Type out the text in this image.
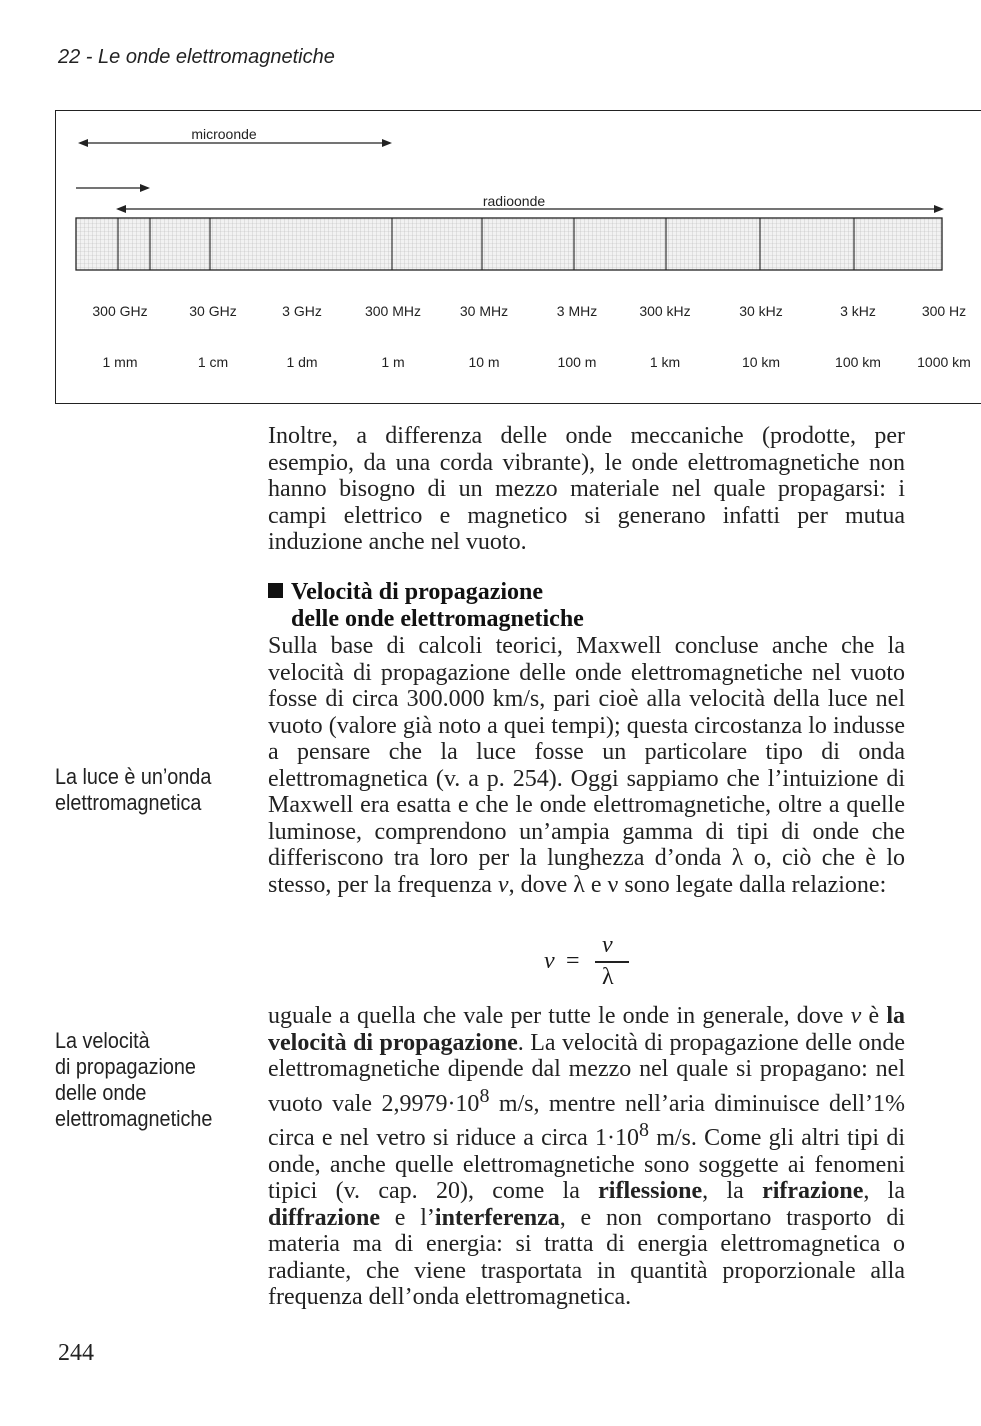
22 - Le onde elettromagnetiche
microonde
radioonde
300 GHz	30 GHz	3 GHz	300 MHz	30 MHz	3 MHz	300 kHz	30 kHz	3 kHz	300 Hz
1 mm	1 cm	1 dm	1 m	10 m	100 m	1 km	10 km	100 km	1000 km

Inoltre, a differenza delle onde meccaniche (prodotte, per esempio, da una corda vibrante), le onde elettromagnetiche non hanno bisogno di un mezzo materiale nel quale propagarsi: i campi elettrico e magnetico si generano infatti per mutua induzione anche nel vuoto.

Velocità di propagazione
delle onde elettromagnetiche

Sulla base di calcoli teorici, Maxwell concluse anche che la velocità di propagazione delle onde elettromagnetiche nel vuoto fosse di circa 300.000 km/s, pari cioè alla velocità della luce nel vuoto (valore già noto a quei tempi); questa circostanza lo indusse a pensare che la luce fosse un particolare tipo di onda elettromagnetica (v. a p. 254). Oggi sappiamo che l’intuizione di Maxwell era esatta e che le onde elettromagnetiche, oltre a quelle luminose, comprendono un’ampia gamma di tipi di onde che differiscono tra loro per la lunghezza d’onda λ o, ciò che è lo stesso, per la frequenza ν, dove λ e ν sono legate dalla relazione:

ν =
v
λ

uguale a quella che vale per tutte le onde in generale, dove v è la velocità di propagazione. La velocità di propagazione delle onde elettromagnetiche dipende dal mezzo nel quale si propagano: nel vuoto vale $2,9979\cdot 10^8$ m/s, mentre nell’aria diminuisce dell’1% circa e nel vetro si riduce a circa $1\cdot 10^8$ m/s. Come gli altri tipi di onde, anche quelle elettromagnetiche sono soggette ai fenomeni tipici (v. cap. 20), come la riflessione, la rifrazione, la diffrazione e l’interferenza, e non comportano trasporto di materia ma di energia: si tratta di energia elettromagnetica o radiante, che viene trasportata in quantità proporzionale alla frequenza dell’onda elettromagnetica.

La luce è un’onda
elettromagnetica
La velocità
di propagazione
delle onde
elettromagnetiche
244
